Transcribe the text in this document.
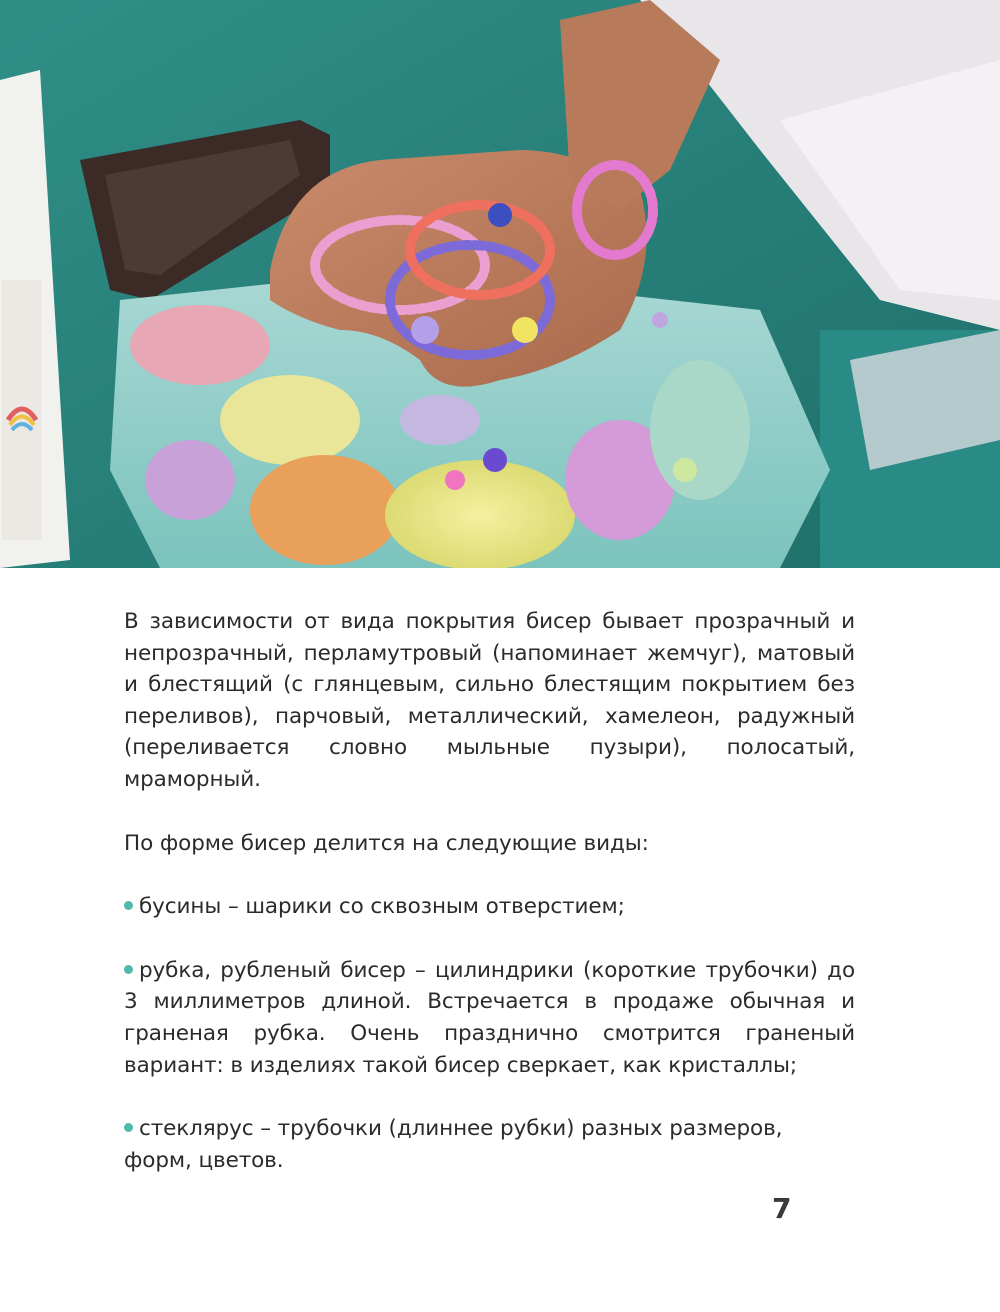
В зависимости от вида покрытия бисер бывает прозрачный и непрозрачный, перламутровый (напоминает жемчуг), матовый и блестящий (с глянцевым, сильно блестящим покрытием без переливов), парчовый, металлический, хамелеон, радужный (переливается словно мыльные пузыри), полосатый, мраморный.

По форме бисер делится на следующие виды:

бусины – шарики со сквозным отверстием;

рубка, рубленый бисер – цилиндрики (короткие трубочки) до 3 миллиметров длиной. Встречается в продаже обычная и граненая рубка. Очень празднично смотрится граненый вариант: в изделиях такой бисер сверкает, как кристаллы;

стеклярус – трубочки (длиннее рубки) разных размеров, форм, цветов.

7
